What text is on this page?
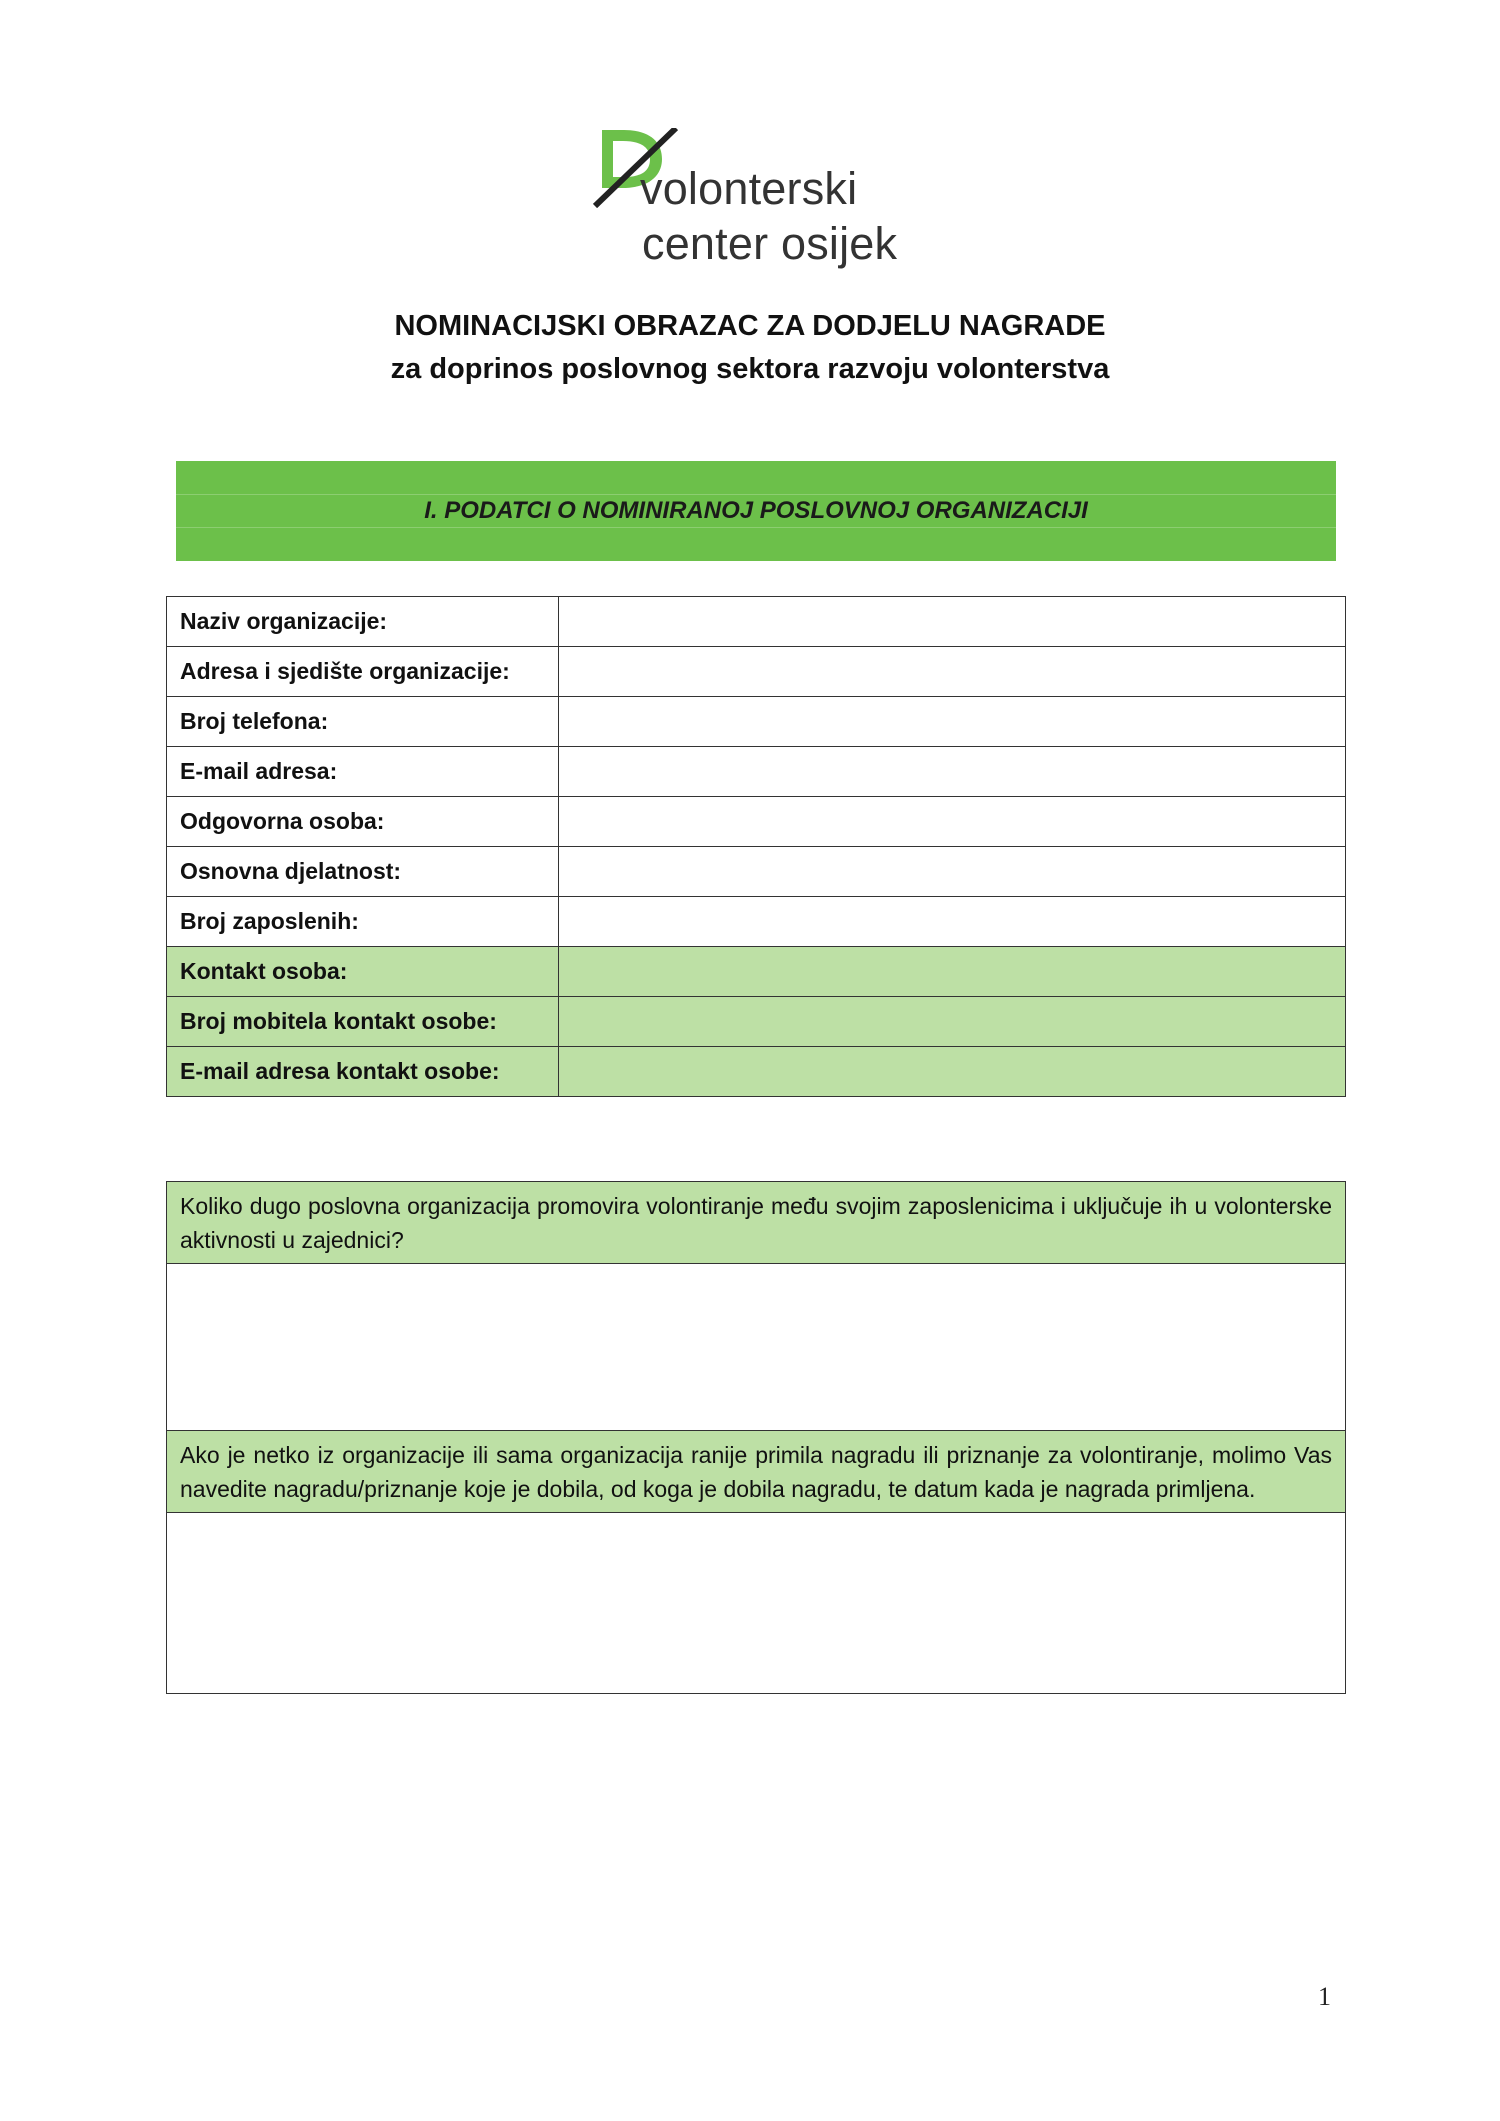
volonterski
center osijek
NOMINACIJSKI OBRAZAC ZA DODJELU NAGRADE
za doprinos poslovnog sektora razvoju volonterstva
I. PODATCI O NOMINIRANOJ POSLOVNOJ ORGANIZACIJI
Naziv organizacije:	
Adresa i sjedište organizacije:	
Broj telefona:	
E-mail adresa:	
Odgovorna osoba:	
Osnovna djelatnost:	
Broj zaposlenih:	
Kontakt osoba:	
Broj mobitela kontakt osobe:	
E-mail adresa kontakt osobe:	
Koliko dugo poslovna organizacija promovira volontiranje među svojim zaposlenicima i uključuje ih u volonterske aktivnosti u zajednici?
Ako je netko iz organizacije ili sama organizacija ranije primila nagradu ili priznanje za volontiranje, molimo Vas navedite nagradu/priznanje koje je dobila, od koga je dobila nagradu, te datum kada je nagrada primljena.
1
